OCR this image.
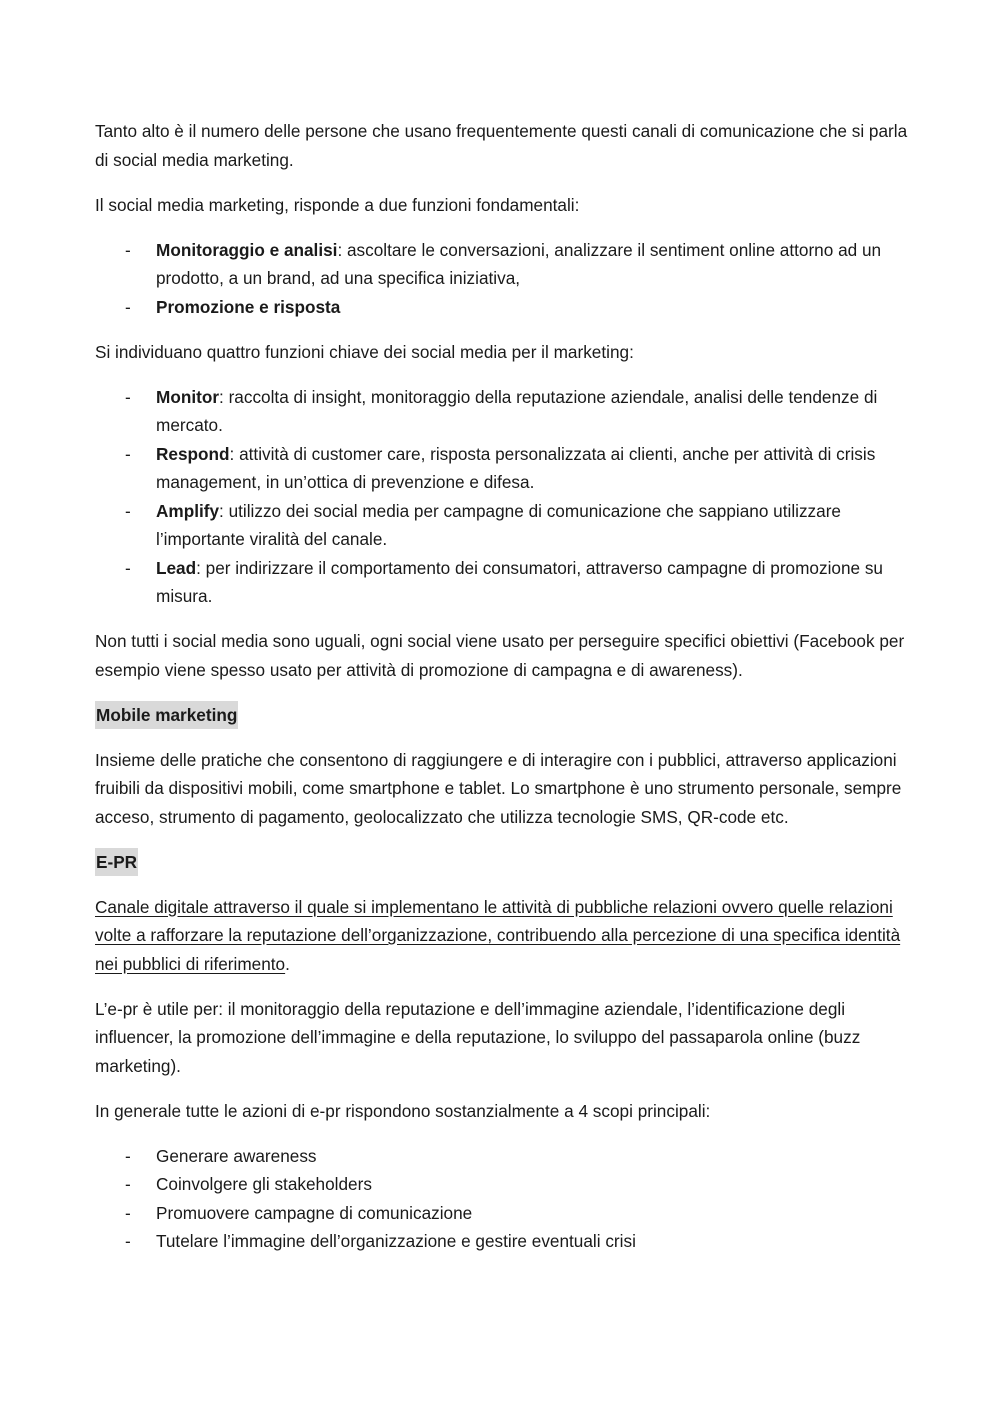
Tanto alto è il numero delle persone che usano frequentemente questi canali di comunicazione che si parla di social media marketing.

Il social media marketing, risponde a due funzioni fondamentali:

- Monitoraggio e analisi: ascoltare le conversazioni, analizzare il sentiment online attorno ad un prodotto, a un brand, ad una specifica iniziativa,
- Promozione e risposta

Si individuano quattro funzioni chiave dei social media per il marketing:

- Monitor: raccolta di insight, monitoraggio della reputazione aziendale, analisi delle tendenze di mercato.
- Respond: attività di customer care, risposta personalizzata ai clienti, anche per attività di crisis management, in un’ottica di prevenzione e difesa.
- Amplify: utilizzo dei social media per campagne di comunicazione che sappiano utilizzare l’importante viralità del canale.
- Lead: per indirizzare il comportamento dei consumatori, attraverso campagne di promozione su misura.

Non tutti i social media sono uguali, ogni social viene usato per perseguire specifici obiettivi (Facebook per esempio viene spesso usato per attività di promozione di campagna e di awareness).

Mobile marketing

Insieme delle pratiche che consentono di raggiungere e di interagire con i pubblici, attraverso applicazioni fruibili da dispositivi mobili, come smartphone e tablet. Lo smartphone è uno strumento personale, sempre acceso, strumento di pagamento, geolocalizzato che utilizza tecnologie SMS, QR-code etc.

E-PR

Canale digitale attraverso il quale si implementano le attività di pubbliche relazioni ovvero quelle relazioni volte a rafforzare la reputazione dell’organizzazione, contribuendo alla percezione di una specifica identità nei pubblici di riferimento.

L’e-pr è utile per: il monitoraggio della reputazione e dell’immagine aziendale, l’identificazione degli influencer, la promozione dell’immagine e della reputazione, lo sviluppo del passaparola online (buzz marketing).

In generale tutte le azioni di e-pr rispondono sostanzialmente a 4 scopi principali:

- Generare awareness
- Coinvolgere gli stakeholders
- Promuovere campagne di comunicazione
- Tutelare l’immagine dell’organizzazione e gestire eventuali crisi
